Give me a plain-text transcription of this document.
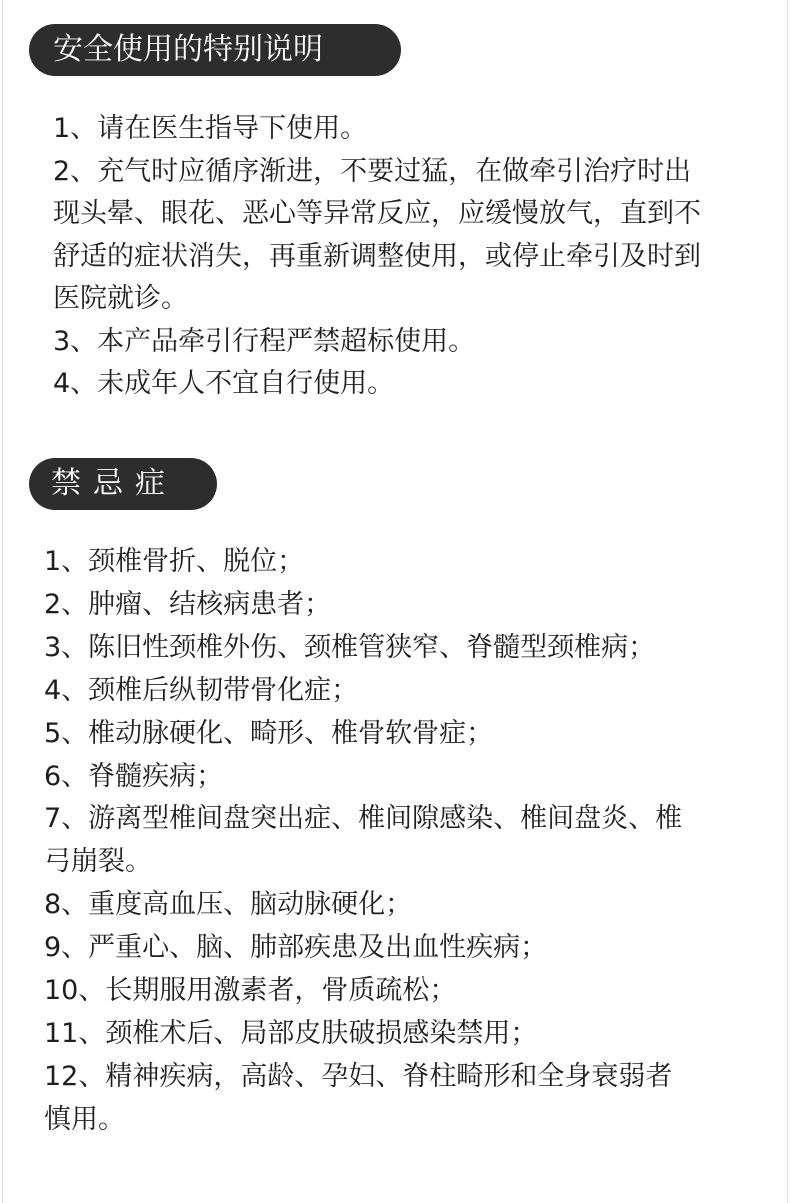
安全使用的特别说明
1、请在医生指导下使用。
2、充气时应循序渐进，不要过猛，在做牵引治疗时出
现头晕、眼花、恶心等异常反应，应缓慢放气，直到不
舒适的症状消失，再重新调整使用，或停止牵引及时到
医院就诊。
3、本产品牵引行程严禁超标使用。
4、未成年人不宜自行使用。
禁忌症
1、颈椎骨折、脱位；
2、肿瘤、结核病患者；
3、陈旧性颈椎外伤、颈椎管狭窄、脊髓型颈椎病；
4、颈椎后纵韧带骨化症；
5、椎动脉硬化、畸形、椎骨软骨症；
6、脊髓疾病；
7、游离型椎间盘突出症、椎间隙感染、椎间盘炎、椎
弓崩裂。
8、重度高血压、脑动脉硬化；
9、严重心、脑、肺部疾患及出血性疾病；
10、长期服用激素者，骨质疏松；
11、颈椎术后、局部皮肤破损感染禁用；
12、精神疾病，高龄、孕妇、脊柱畸形和全身衰弱者
慎用。
